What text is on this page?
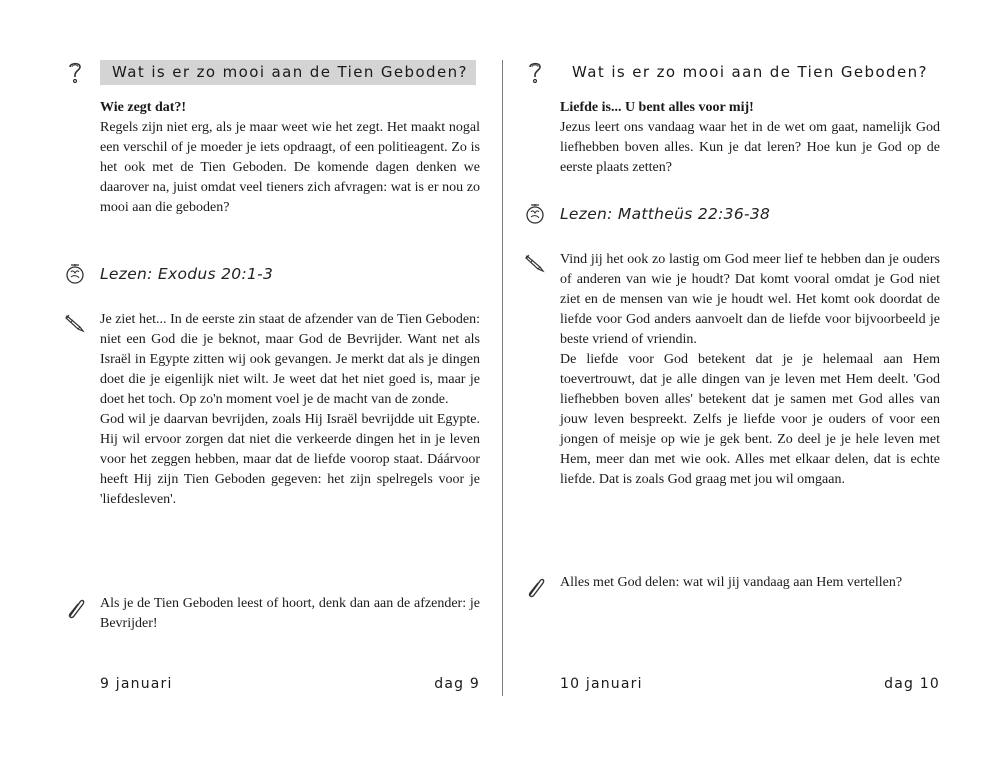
Wat is er zo mooi aan de Tien Geboden?

Wie zegt dat?!

Regels zijn niet erg, als je maar weet wie het zegt. Het maakt nogal een verschil of je moeder je iets opdraagt, of een politieagent. Zo is het ook met de Tien Geboden. De komende dagen denken we daarover na, juist omdat veel tieners zich afvragen: wat is er nou zo mooi aan die geboden?

Lezen: Exodus 20:1-3

Je ziet het... In de eerste zin staat de afzender van de Tien Geboden: niet een God die je beknot, maar God de Bevrijder. Want net als Israël in Egypte zitten wij ook gevangen. Je merkt dat als je dingen doet die je eigenlijk niet wilt. Je weet dat het niet goed is, maar je doet het toch. Op zo'n moment voel je de macht van de zonde.

God wil je daarvan bevrijden, zoals Hij Israël bevrijdde uit Egypte. Hij wil ervoor zorgen dat niet die verkeerde dingen het in je leven voor het zeggen hebben, maar dat de liefde voorop staat. Dáárvoor heeft Hij zijn Tien Geboden gegeven: het zijn spelregels voor je 'liefdesleven'.

Als je de Tien Geboden leest of hoort, denk dan aan de afzender: je Bevrijder!

9 januari	dag 9
Wat is er zo mooi aan de Tien Geboden?

Liefde is... U bent alles voor mij!

Jezus leert ons vandaag waar het in de wet om gaat, namelijk God liefhebben boven alles. Kun je dat leren? Hoe kun je God op de eerste plaats zetten?

Lezen: Mattheüs 22:36-38

Vind jij het ook zo lastig om God meer lief te hebben dan je ouders of anderen van wie je houdt? Dat komt vooral omdat je God niet ziet en de mensen van wie je houdt wel. Het komt ook doordat de liefde voor God anders aanvoelt dan de liefde voor bijvoorbeeld je beste vriend of vriendin.

De liefde voor God betekent dat je je helemaal aan Hem toevertrouwt, dat je alle dingen van je leven met Hem deelt. 'God liefhebben boven alles' betekent dat je samen met God alles van jouw leven bespreekt. Zelfs je liefde voor je ouders of voor een jongen of meisje op wie je gek bent. Zo deel je je hele leven met Hem, meer dan met wie ook. Alles met elkaar delen, dat is echte liefde. Dat is zoals God graag met jou wil omgaan.

Alles met God delen: wat wil jij vandaag aan Hem vertellen?

10 januari	dag 10
